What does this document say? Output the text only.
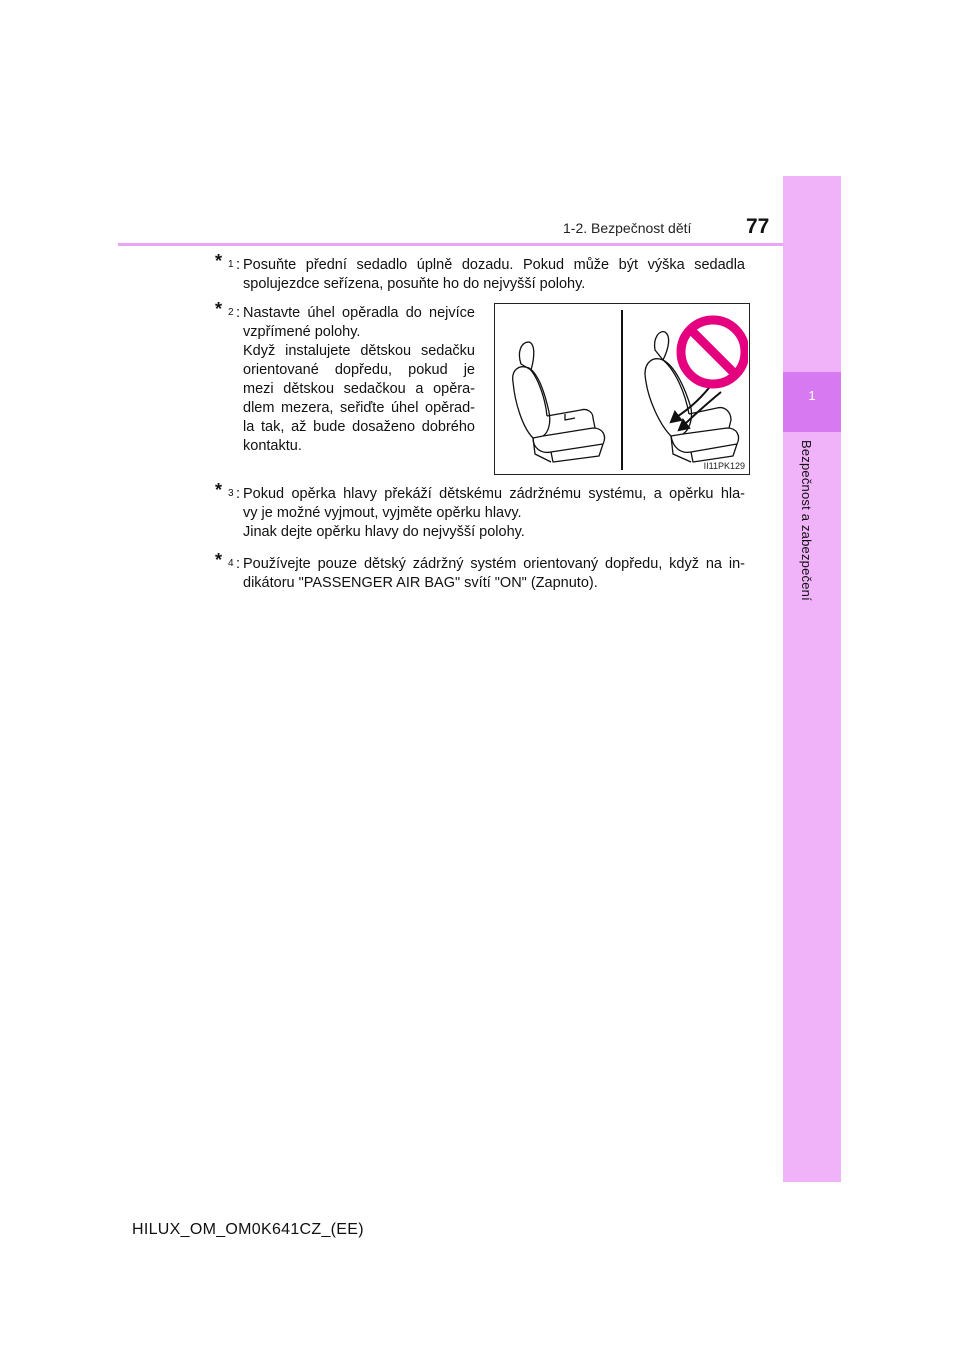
1
Bezpečnost a zabezpečení
1-2. Bezpečnost dětí	77
* 1 : Posuňte přední sedadlo úplně dozadu. Pokud může být výška sedadla
spolujezdce seřízena, posuňte ho do nejvyšší polohy.
* 2 : Nastavte úhel opěradla do nejvíce
vzpřímené polohy.
Když instalujete dětskou sedačku
orientované dopředu, pokud je
mezi dětskou sedačkou a opěra-
dlem mezera, seřiďte úhel opěrad-
la tak, až bude dosaženo dobrého
kontaktu.
II11PK129
* 3 : Pokud opěrka hlavy překáží dětskému zádržnému systému, a opěrku hla-
vy je možné vyjmout, vyjměte opěrku hlavy.
Jinak dejte opěrku hlavy do nejvyšší polohy.
* 4 : Používejte pouze dětský zádržný systém orientovaný dopředu, když na in-
dikátoru "PASSENGER AIR BAG" svítí "ON" (Zapnuto).
HILUX_OM_OM0K641CZ_(EE)
